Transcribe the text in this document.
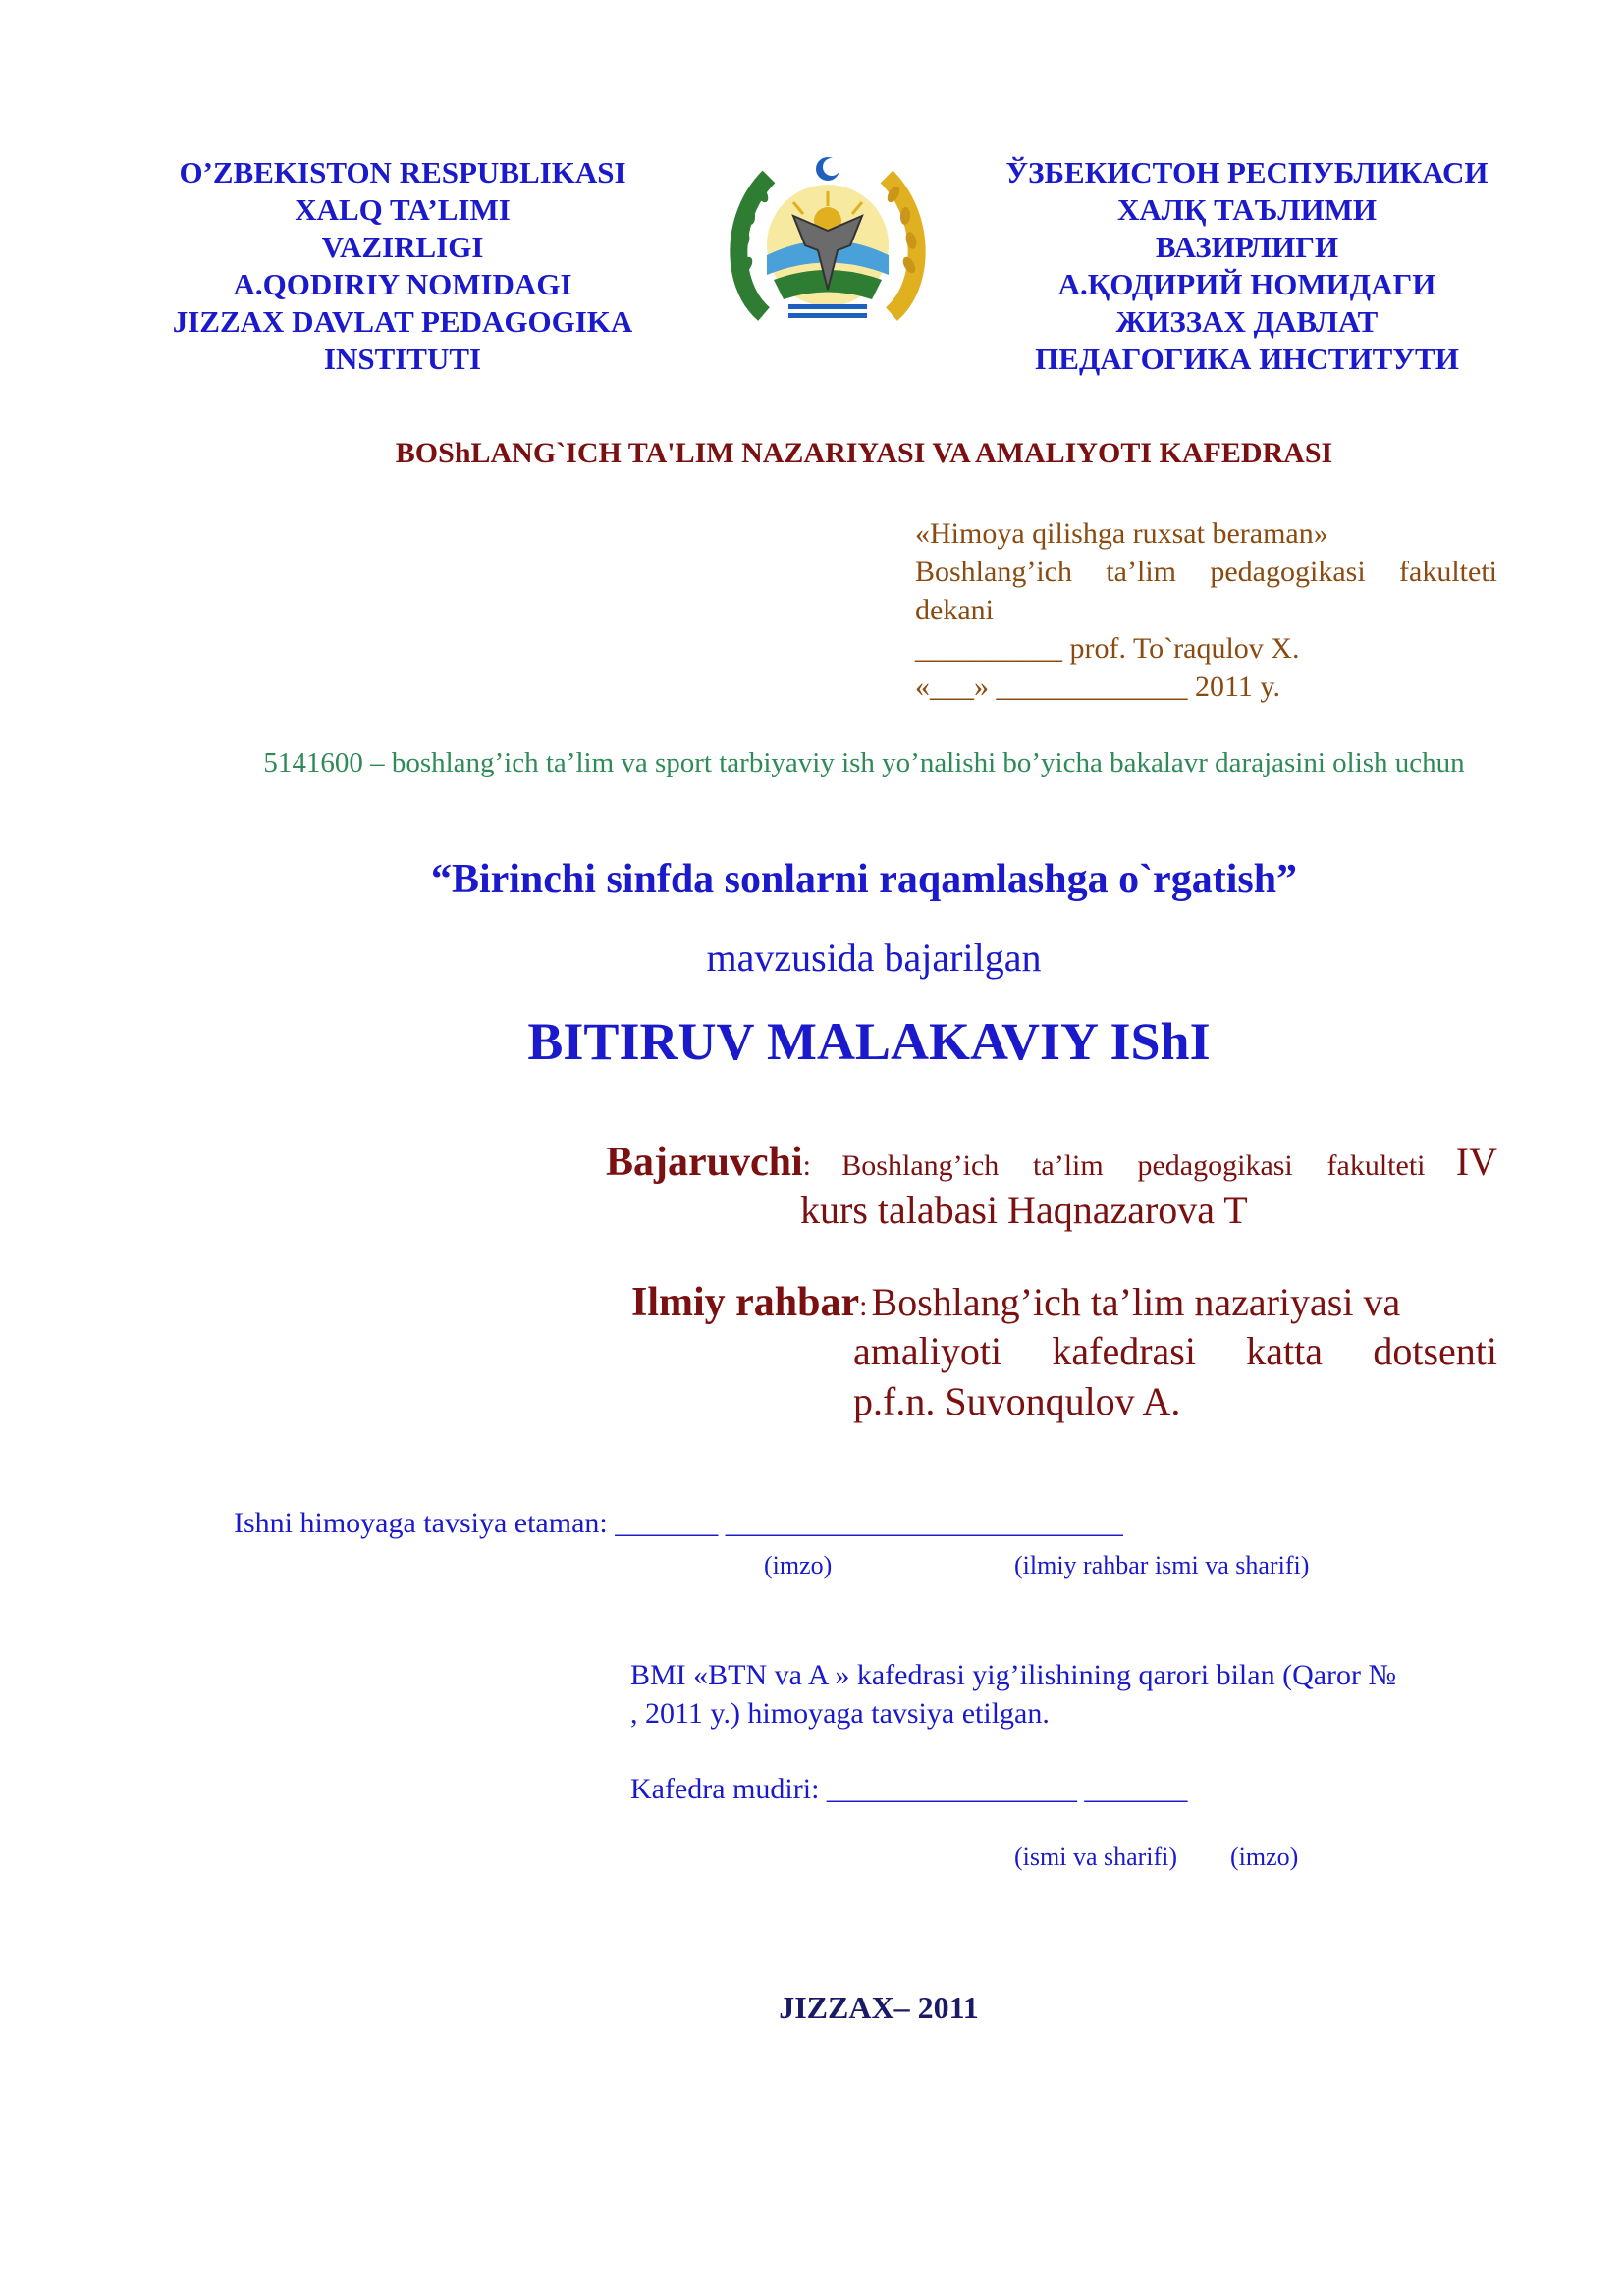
O’ZBEKISTON RESPUBLIKASI
XALQ TA’LIMI
VAZIRLIGI
A.QODIRIY NOMIDAGI
JIZZAX DAVLAT PEDAGOGIKA
INSTITUTI
ЎЗБЕКИСТОН РЕСПУБЛИКАСИ
ХАЛҚ ТАЪЛИМИ
ВАЗИРЛИГИ
А.ҚОДИРИЙ НОМИДАГИ
ЖИЗЗАХ ДАВЛАТ
ПЕДАГОГИКА ИНСТИТУТИ
BOShLANG`ICH TA'LIM NAZARIYASI VA AMALIYOTI KAFEDRASI
«Himoya qilishga ruxsat beraman»
Boshlang’ich ta’lim pedagogikasi fakulteti
dekani
__________ prof. To`raqulov X.
«___» _____________ 2011 y.
5141600 – boshlang’ich ta’lim va sport tarbiyaviy ish yo’nalishi bo’yicha bakalavr darajasini olish uchun
“Birinchi sinfda sonlarni raqamlashga o`rgatish”
mavzusida bajarilgan
BITIRUV MALAKAVIY IShI
Bajaruvchi: Boshlang’ich ta’lim pedagogikasi fakulteti IV
kurs talabasi Haqnazarova T
Ilmiy rahbar: Boshlang’ich ta’lim nazariyasi va
amaliyoti kafedrasi katta dotsenti
p.f.n. Suvonqulov A.
Ishni himoyaga tavsiya etaman: _______ ___________________________
(imzo)	(ilmiy rahbar ismi va sharifi)
BMI «BTN va A » kafedrasi yig’ilishining qarori bilan (Qaror №
, 2011 y.) himoyaga tavsiya etilgan.
Kafedra mudiri: _________________ _______
(ismi va sharifi) (imzo)
JIZZAX– 2011
